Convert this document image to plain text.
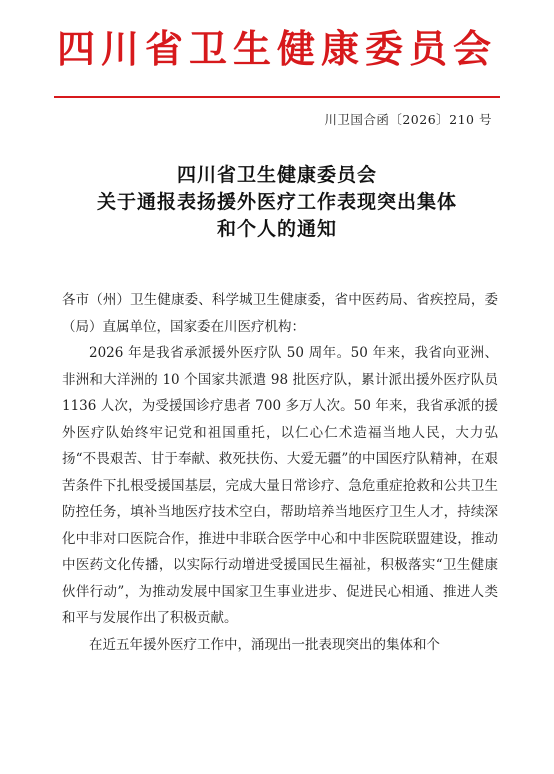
四川省卫生健康委员会
川卫国合函〔2026〕210 号
四川省卫生健康委员会
关于通报表扬援外医疗工作表现突出集体
和个人的通知

各市（州）卫生健康委、科学城卫生健康委，省中医药局、省疾控局，委（局）直属单位，国家委在川医疗机构：

2026 年是我省承派援外医疗队 50 周年。50 年来，我省向亚洲、非洲和大洋洲的 10 个国家共派遣 98 批医疗队，累计派出援外医疗队员 1136 人次，为受援国诊疗患者 700 多万人次。50 年来，我省承派的援外医疗队始终牢记党和祖国重托，以仁心仁术造福当地人民，大力弘扬“不畏艰苦、甘于奉献、救死扶伤、大爱无疆”的中国医疗队精神，在艰苦条件下扎根受援国基层，完成大量日常诊疗、急危重症抢救和公共卫生防控任务，填补当地医疗技术空白，帮助培养当地医疗卫生人才，持续深化中非对口医院合作，推进中非联合医学中心和中非医院联盟建设，推动中医药文化传播，以实际行动增进受援国民生福祉，积极落实“卫生健康伙伴行动”，为推动发展中国家卫生事业进步、促进民心相通、推进人类和平与发展作出了积极贡献。

在近五年援外医疗工作中，涌现出一批表现突出的集体和个
